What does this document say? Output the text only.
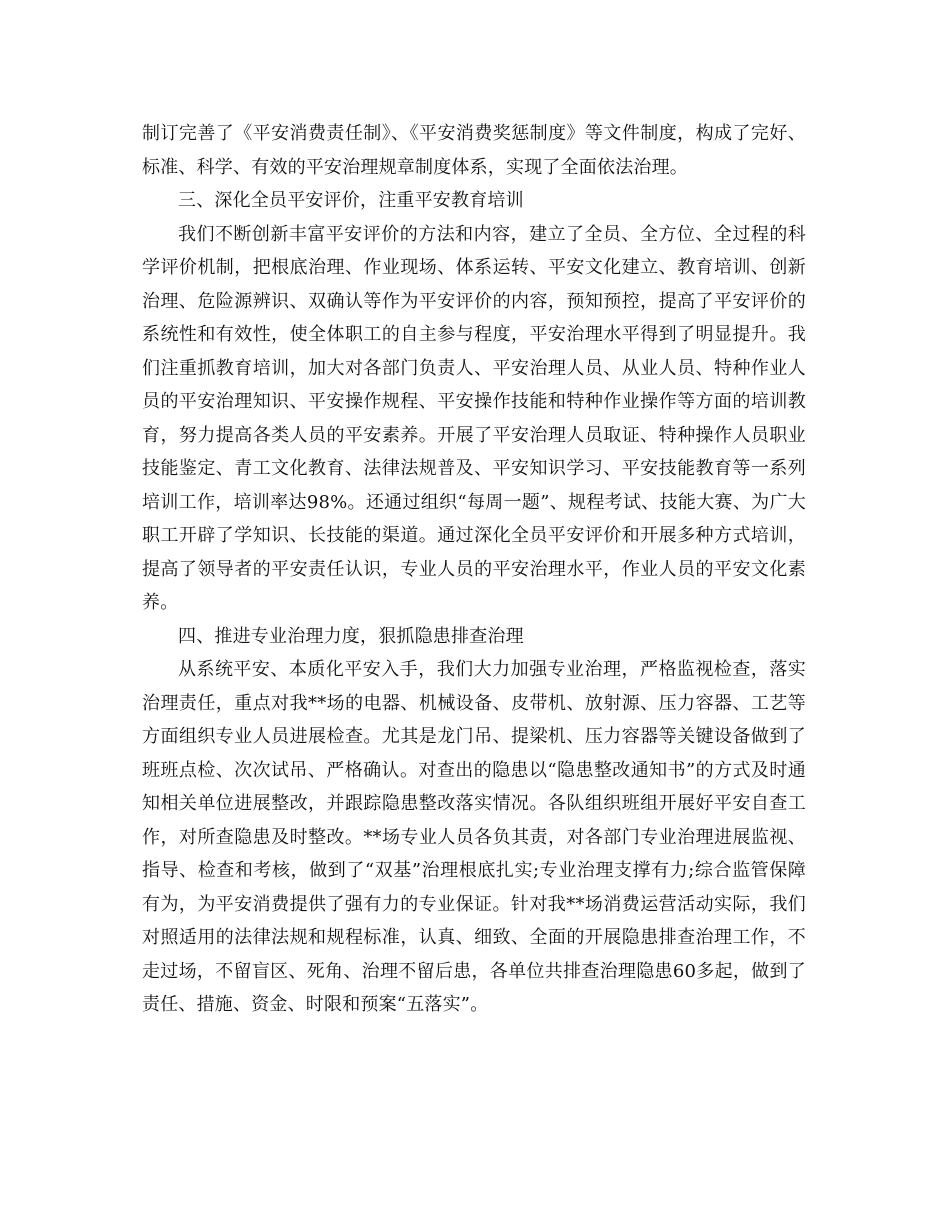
制订完善了《平安消费责任制》、《平安消费奖惩制度》等文件制度，构成了完好、标准、科学、有效的平安治理规章制度体系，实现了全面依法治理。

三、深化全员平安评价，注重平安教育培训

我们不断创新丰富平安评价的方法和内容，建立了全员、全方位、全过程的科学评价机制，把根底治理、作业现场、体系运转、平安文化建立、教育培训、创新治理、危险源辨识、双确认等作为平安评价的内容，预知预控，提高了平安评价的系统性和有效性，使全体职工的自主参与程度，平安治理水平得到了明显提升。我们注重抓教育培训，加大对各部门负责人、平安治理人员、从业人员、特种作业人员的平安治理知识、平安操作规程、平安操作技能和特种作业操作等方面的培训教育，努力提高各类人员的平安素养。开展了平安治理人员取证、特种操作人员职业技能鉴定、青工文化教育、法律法规普及、平安知识学习、平安技能教育等一系列培训工作，培训率达98%。还通过组织“每周一题”、规程考试、技能大赛、为广大职工开辟了学知识、长技能的渠道。通过深化全员平安评价和开展多种方式培训，提高了领导者的平安责任认识，专业人员的平安治理水平，作业人员的平安文化素养。

四、推进专业治理力度，狠抓隐患排查治理

从系统平安、本质化平安入手，我们大力加强专业治理，严格监视检查，落实治理责任，重点对我**场的电器、机械设备、皮带机、放射源、压力容器、工艺等方面组织专业人员进展检查。尤其是龙门吊、提梁机、压力容器等关键设备做到了班班点检、次次试吊、严格确认。对查出的隐患以“隐患整改通知书”的方式及时通知相关单位进展整改，并跟踪隐患整改落实情况。各队组织班组开展好平安自查工作，对所查隐患及时整改。**场专业人员各负其责，对各部门专业治理进展监视、指导、检查和考核，做到了“双基”治理根底扎实;专业治理支撑有力;综合监管保障有为，为平安消费提供了强有力的专业保证。针对我**场消费运营活动实际，我们对照适用的法律法规和规程标准，认真、细致、全面的开展隐患排查治理工作，不走过场，不留盲区、死角、治理不留后患，各单位共排查治理隐患60多起，做到了责任、措施、资金、时限和预案“五落实”。
